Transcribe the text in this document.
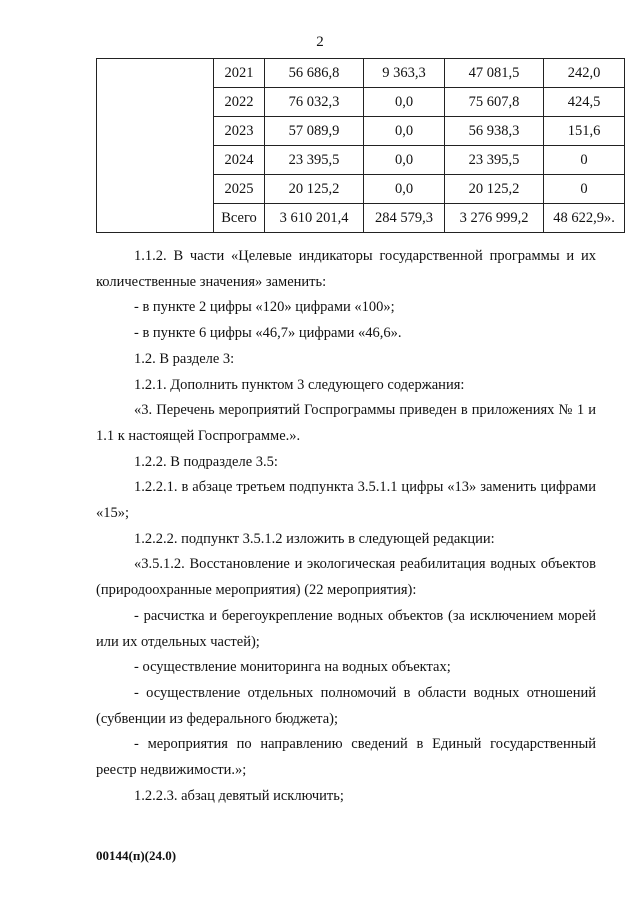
2
	2021	56 686,8	9 363,3	47 081,5	242,0
	2022	76 032,3	0,0	75 607,8	424,5
	2023	57 089,9	0,0	56 938,3	151,6
	2024	23 395,5	0,0	23 395,5	0
	2025	20 125,2	0,0	20 125,2	0
	Всего	3 610 201,4	284 579,3	3 276 999,2	48 622,9».

1.1.2. В части «Целевые индикаторы государственной программы и их количественные значения» заменить:

- в пункте 2 цифры «120» цифрами «100»;

- в пункте 6 цифры «46,7» цифрами «46,6».

1.2. В разделе 3:

1.2.1. Дополнить пунктом 3 следующего содержания:

«3. Перечень мероприятий Госпрограммы приведен в приложениях № 1 и 1.1 к настоящей Госпрограмме.».

1.2.2. В подразделе 3.5:

1.2.2.1. в абзаце третьем подпункта 3.5.1.1 цифры «13» заменить цифрами «15»;

1.2.2.2. подпункт 3.5.1.2 изложить в следующей редакции:

«3.5.1.2. Восстановление и экологическая реабилитация водных объектов (природоохранные мероприятия) (22 мероприятия):

- расчистка и берегоукрепление водных объектов (за исключением морей или их отдельных частей);

- осуществление мониторинга на водных объектах;

- осуществление отдельных полномочий в области водных отношений (субвенции из федерального бюджета);

- мероприятия по направлению сведений в Единый государственный реестр недвижимости.»;

1.2.2.3. абзац девятый исключить;

00144(п)(24.0)
